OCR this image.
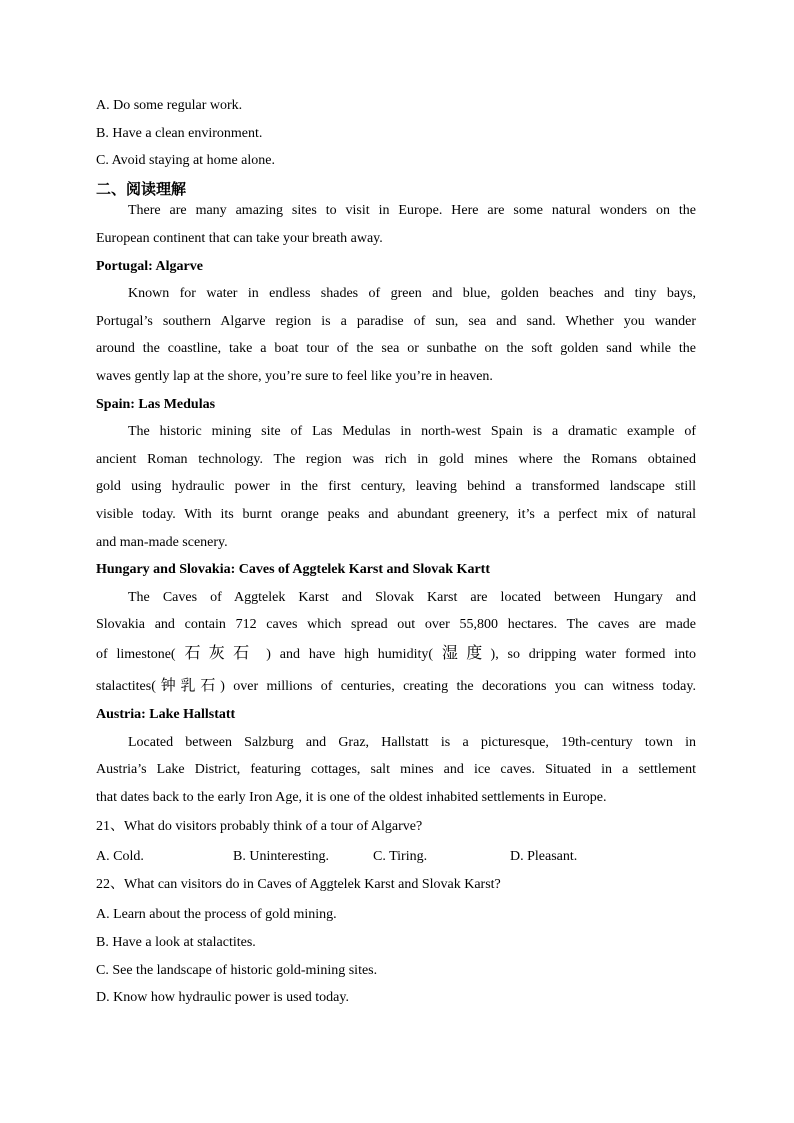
A. Do some regular work.
B. Have a clean environment.
C. Avoid staying at home alone.
二、阅读理解
There are many amazing sites to visit in Europe. Here are some natural wonders on the
European continent that can take your breath away.
Portugal: Algarve
Known for water in endless shades of green and blue, golden beaches and tiny bays,
Portugal’s southern Algarve region is a paradise of sun, sea and sand. Whether you wander
around the coastline, take a boat tour of the sea or sunbathe on the soft golden sand while the
waves gently lap at the shore, you’re sure to feel like you’re in heaven.
Spain: Las Medulas
The historic mining site of Las Medulas in north-west Spain is a dramatic example of
ancient Roman technology. The region was rich in gold mines where the Romans obtained
gold using hydraulic power in the first century, leaving behind a transformed landscape still
visible today. With its burnt orange peaks and abundant greenery, it’s a perfect mix of natural
and man-made scenery.
Hungary and Slovakia: Caves of Aggtelek Karst and Slovak Kartt
The Caves of Aggtelek Karst and Slovak Karst are located between Hungary and
Slovakia and contain 712 caves which spread out over 55,800 hectares. The caves are made
of limestone( 石灰石 ) and have high humidity( 湿度), so dripping water formed into
stalactites(钟乳石) over millions of centuries, creating the decorations you can witness today.
Austria: Lake Hallstatt
Located between Salzburg and Graz, Hallstatt is a picturesque, 19th-century town in
Austria’s Lake District, featuring cottages, salt mines and ice caves. Situated in a settlement
that dates back to the early Iron Age, it is one of the oldest inhabited settlements in Europe.
21、What do visitors probably think of a tour of Algarve?
A. Cold.	B. Uninteresting.	C. Tiring.	D. Pleasant.
22、What can visitors do in Caves of Aggtelek Karst and Slovak Karst?
A. Learn about the process of gold mining.
B. Have a look at stalactites.
C. See the landscape of historic gold-mining sites.
D. Know how hydraulic power is used today.
